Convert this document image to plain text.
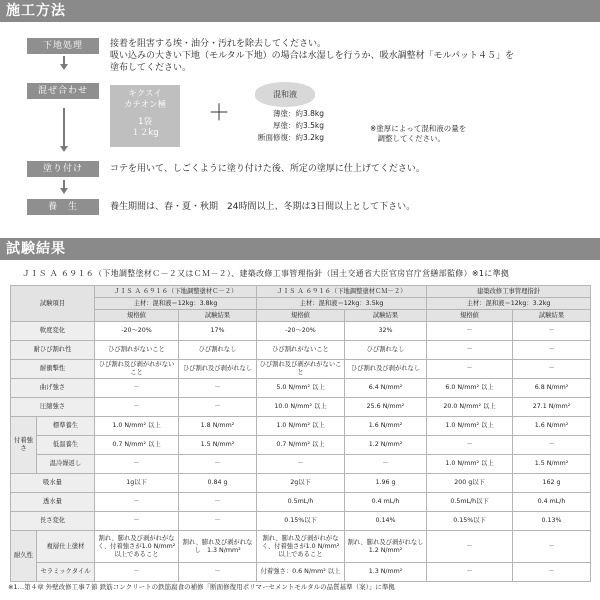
施工方法
下地処理	接着を阻害する埃・油分・汚れを除去してください。
吸い込みの大きい下地（モルタル下地）の場合は水湿しを行うか、吸水調整材「モルパット４５」を
塗布してください。
混ぜ合わせ	キクスイ
カチオン極
1袋
１２kg
＋
混和液
薄塗：約3.8kg
厚塗：約3.5kg
断面修復：約3.2kg
※塗厚によって混和液の量を
　調整してください。
塗り付け	コテを用いて、しごくように塗り付けた後、所定の塗厚に仕上げてください。
養　生	養生期間は、春・夏・秋期　24時間以上、冬期は3日間以上として下さい。
試験結果
ＪＩＳ Ａ ６９１６（下地調整塗材Ｃ－２又はＣＭ－２）、建築改修工事管理指針（国土交通省大臣官房官庁営繕部監修）※1に準拠
試験項目		ＪＩＳ Ａ ６９１６（下地調整塗材Ｃ－２）		ＪＩＳ Ａ ６９１６（下地調整塗材ＣＭ－２）		建築改修工事管理指針	
		主材：混和液＝12kg：3.8kg		主材：混和液＝12kg：3.5kg		主材：混和液＝12kg：3.2kg	
		規格値	試験結果	規格値	試験結果	規格値	試験結果
軟度変化		-20〜20%	17%	-20〜20%	32%	－	－
耐ひび割れ性		ひび割れがないこと	ひび割れなし	ひび割れがないこと	ひび割れなし	－	－
耐衝撃性		ひび割れ及び剥がれがないこと	ひび割れ及び剥がれなし	ひび割れ及び剥がれがないこと	ひび割れ及び剥がれなし	－	－
曲げ強さ		－	－	5.0 N/mm² 以上	6.4 N/mm²	6.0 N/mm² 以上	6.8 N/mm²
圧縮強さ		－	－	10.0 N/mm² 以上	25.6 N/mm²	20.0 N/mm² 以上	27.1 N/mm²
付着強さ	標準養生	1.0 N/mm² 以上	1.8 N/mm²	1.0 N/mm² 以上	1.6 N/mm²	1.0 N/mm² 以上	1.6 N/mm²
	低温養生	0.7 N/mm² 以上	1.5 N/mm²	0.7 N/mm² 以上	1.2 N/mm²	－	－
	温冷繰返し	－	－	－	－	1.0 N/mm² 以上	1.5 N/mm²
吸水量		1g以下	0.84 g	2g以下	1.96 g	200 g以下	162 g
透水量		－	－	0.5mL/h	0.4 mL/h	0.5mL/h以下	0.4 mL/h
長さ変化		－	－	0.15%以下	0.14%	0.15%以下	0.13%
耐久性	複層仕上塗材	割れ、膨れ及び剥がれがなく、付着強さが1.0 N/mm² 以上であること	割れ、膨れ及び剥がれなし　1.3 N/mm²	割れ、膨れ及び剥がれがなく、付着強さが1.0 N/mm² 以上であること	割れ、膨れ及び剥がれなし　1.2 N/mm²	－	－
	セラミックタイル	－	－	付着強さ：0.6 N/mm² 以上	1.3 N/mm²	－	－
※1…第４章 外壁改修工事７節 鉄筋コンクリートの鉄筋腐食の補修「断面修復用ポリマーセメントモルタルの品質基準（案）」に準拠
